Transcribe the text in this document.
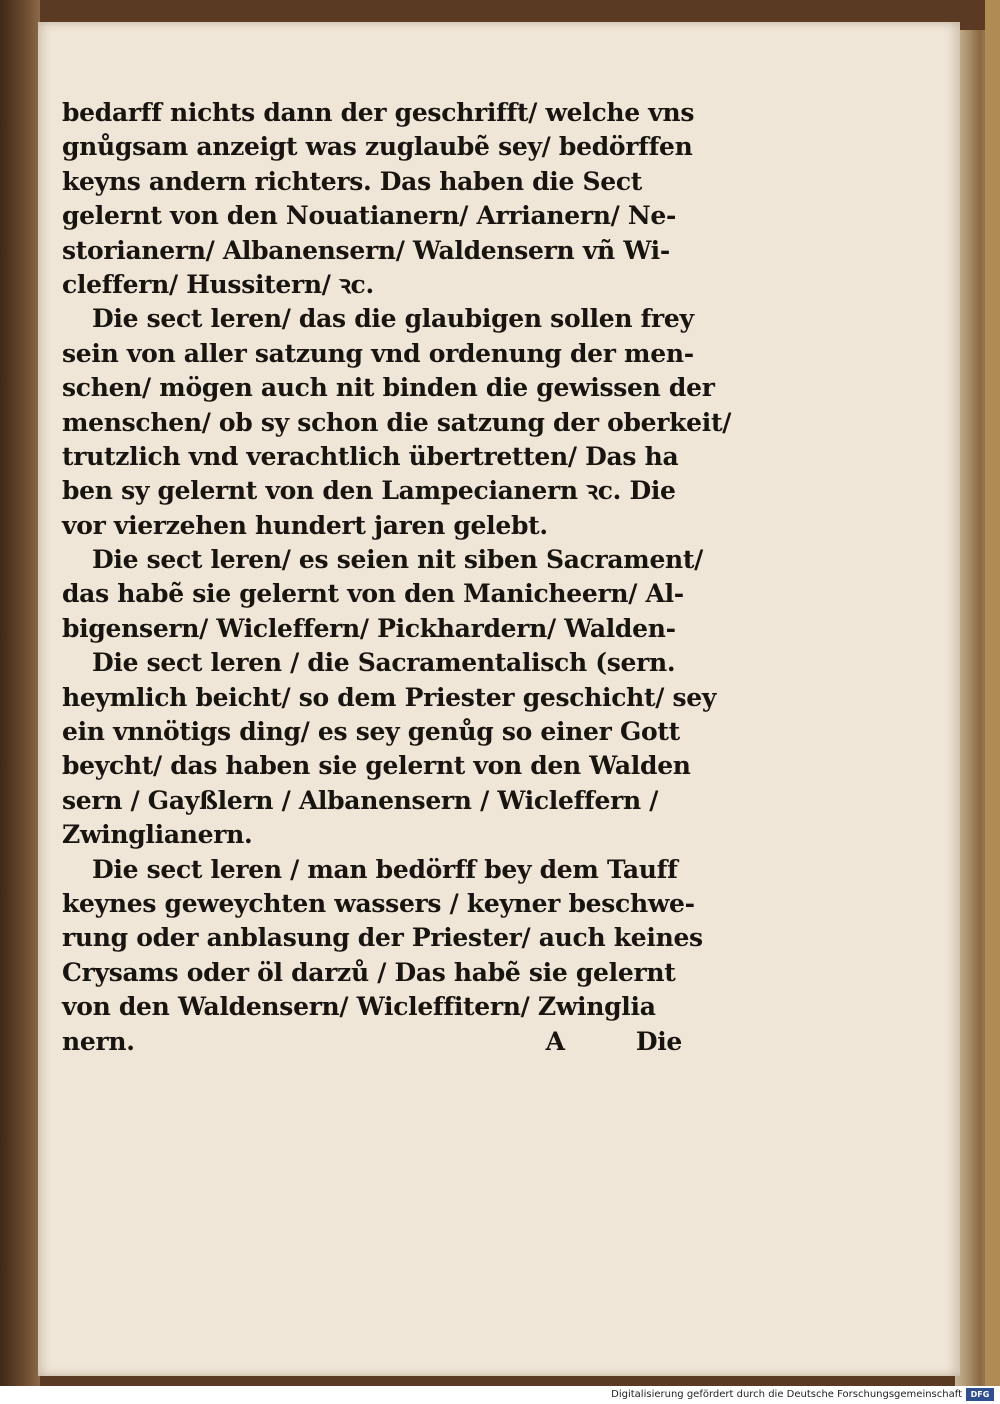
bedarff nichts dann der geschrifft/ welche vns
gnůgsam anzeigt was zuglaubẽ sey/ bedörffen
keyns andern richters. Das haben die Sect
gelernt von den Nouatianern/ Arrianern/ Ne-
storianern/ Albanensern/ Waldensern vñ Wi-
cleffern/ Hussitern/ ꝛc.
Die sect leren/ das die glaubigen sollen frey
sein von aller satzung vnd ordenung der men-
schen/ mögen auch nit binden die gewissen der
menschen/ ob sy schon die satzung der oberkeit/
trutzlich vnd verachtlich übertretten/ Das ha
ben sy gelernt von den Lampecianern ꝛc. Die
vor vierzehen hundert jaren gelebt.
Die sect leren/ es seien nit siben Sacrament/
das habẽ sie gelernt von den Manicheern/ Al-
bigensern/ Wicleffern/ Pickhardern/ Walden-
Die sect leren / die Sacramentalisch (sern.
heymlich beicht/ so dem Priester geschicht/ sey
ein vnnötigs ding/ es sey genůg so einer Gott
beycht/ das haben sie gelernt von den Walden
sern / Gayßlern / Albanensern / Wicleffern /
Zwinglianern.
Die sect leren / man bedörff bey dem Tauff
keynes geweychten wassers / keyner beschwe-
rung oder anblasung der Priester/ auch keines
Crysams oder öl darzů / Das habẽ sie gelernt
von den Waldensern/ Wicleffitern/ Zwinglia
nern.	A	Die
Digitalisierung gefördert durch die Deutsche Forschungsgemeinschaft	DFG
